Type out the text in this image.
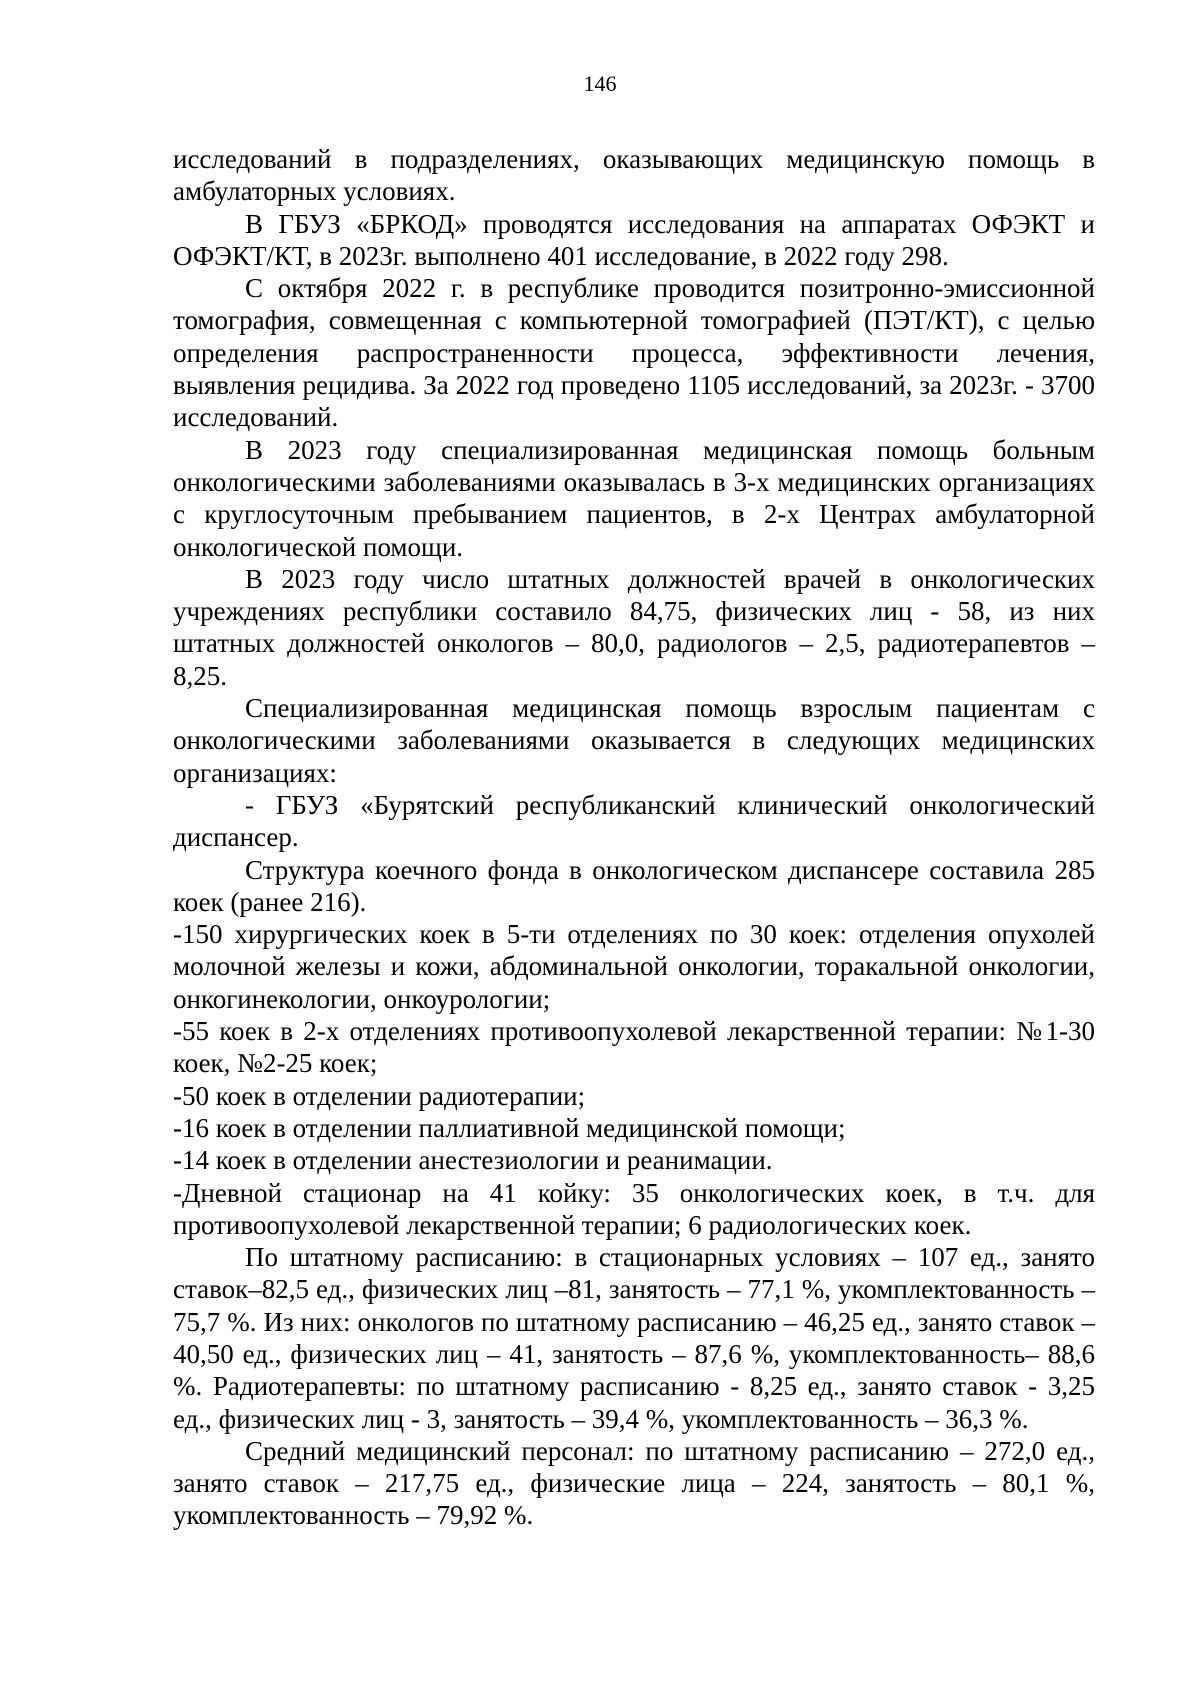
146

исследований в подразделениях, оказывающих медицинскую помощь в амбулаторных условиях.

В ГБУЗ «БРКОД» проводятся исследования на аппаратах ОФЭКТ и ОФЭКТ/КТ, в 2023г. выполнено 401 исследование, в 2022 году 298.

С октября 2022 г. в республике проводится позитронно-эмиссионной томография, совмещенная с компьютерной томографией (ПЭТ/КТ), с целью определения распространенности процесса, эффективности лечения, выявления рецидива. За 2022 год проведено 1105 исследований, за 2023г. - 3700 исследований.

В 2023 году специализированная медицинская помощь больным онкологическими заболеваниями оказывалась в 3-х медицинских организациях с круглосуточным пребыванием пациентов, в 2-х Центрах амбулаторной онкологической помощи.

В 2023 году число штатных должностей врачей в онкологических учреждениях республики составило 84,75, физических лиц - 58, из них штатных должностей онкологов – 80,0, радиологов – 2,5, радиотерапевтов – 8,25.

Специализированная медицинская помощь взрослым пациентам с онкологическими заболеваниями оказывается в следующих медицинских организациях:

- ГБУЗ «Бурятский республиканский клинический онкологический диспансер.

Структура коечного фонда в онкологическом диспансере составила 285 коек (ранее 216).

-150 хирургических коек в 5-ти отделениях по 30 коек: отделения опухолей молочной железы и кожи, абдоминальной онкологии, торакальной онкологии, онкогинекологии, онкоурологии;

-55 коек в 2-х отделениях противоопухолевой лекарственной терапии: №1-30 коек, №2-25 коек;

-50 коек в отделении радиотерапии;

-16 коек в отделении паллиативной медицинской помощи;

-14 коек в отделении анестезиологии и реанимации.

-Дневной стационар на 41 койку: 35 онкологических коек, в т.ч. для противоопухолевой лекарственной терапии; 6 радиологических коек.

По штатному расписанию: в стационарных условиях – 107 ед., занято ставок–82,5 ед., физических лиц –81, занятость – 77,1 %, укомплектованность – 75,7 %. Из них: онкологов по штатному расписанию – 46,25 ед., занято ставок – 40,50 ед., физических лиц – 41, занятость – 87,6 %, укомплектованность– 88,6 %. Радиотерапевты: по штатному расписанию - 8,25 ед., занято ставок - 3,25 ед., физических лиц - 3, занятость – 39,4 %, укомплектованность – 36,3 %.

Средний медицинский персонал: по штатному расписанию – 272,0 ед., занято ставок – 217,75 ед., физические лица – 224, занятость – 80,1 %, укомплектованность – 79,92 %.
